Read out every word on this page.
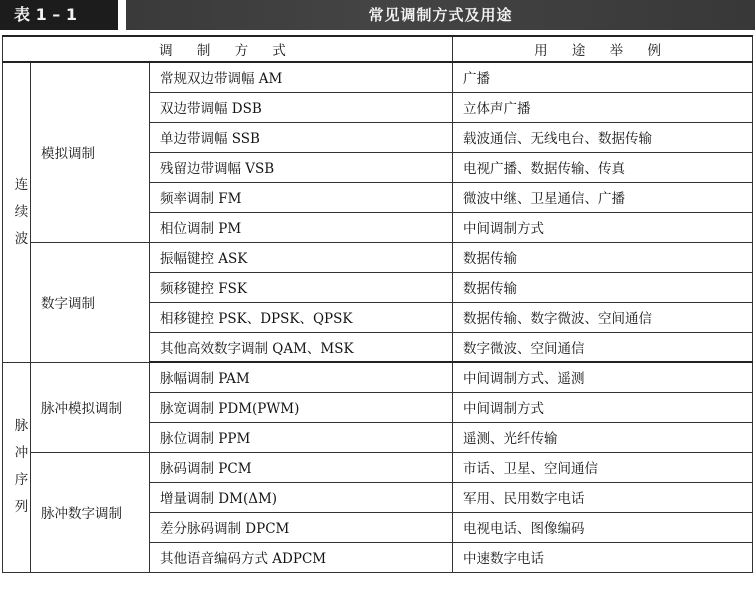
表 1 – 1	常见调制方式及用途
调 制 方 式			用 途 举 例
连
续
波	模拟调制	常规双边带调幅 AM	广播
		双边带调幅 DSB	立体声广播
		单边带调幅 SSB	载波通信、无线电台、数据传输
		残留边带调幅 VSB	电视广播、数据传输、传真
		频率调制 FM	微波中继、卫星通信、广播
		相位调制 PM	中间调制方式
	数字调制	振幅键控 ASK	数据传输
		频移键控 FSK	数据传输
		相移键控 PSK、DPSK、QPSK	数据传输、数字微波、空间通信
		其他高效数字调制 QAM、MSK	数字微波、空间通信
脉
冲
序
列	脉冲模拟调制	脉幅调制 PAM	中间调制方式、遥测
		脉宽调制 PDM(PWM)	中间调制方式
		脉位调制 PPM	遥测、光纤传输
	脉冲数字调制	脉码调制 PCM	市话、卫星、空间通信
		增量调制 DM(ΔM)	军用、民用数字电话
		差分脉码调制 DPCM	电视电话、图像编码
		其他语音编码方式 ADPCM	中速数字电话
